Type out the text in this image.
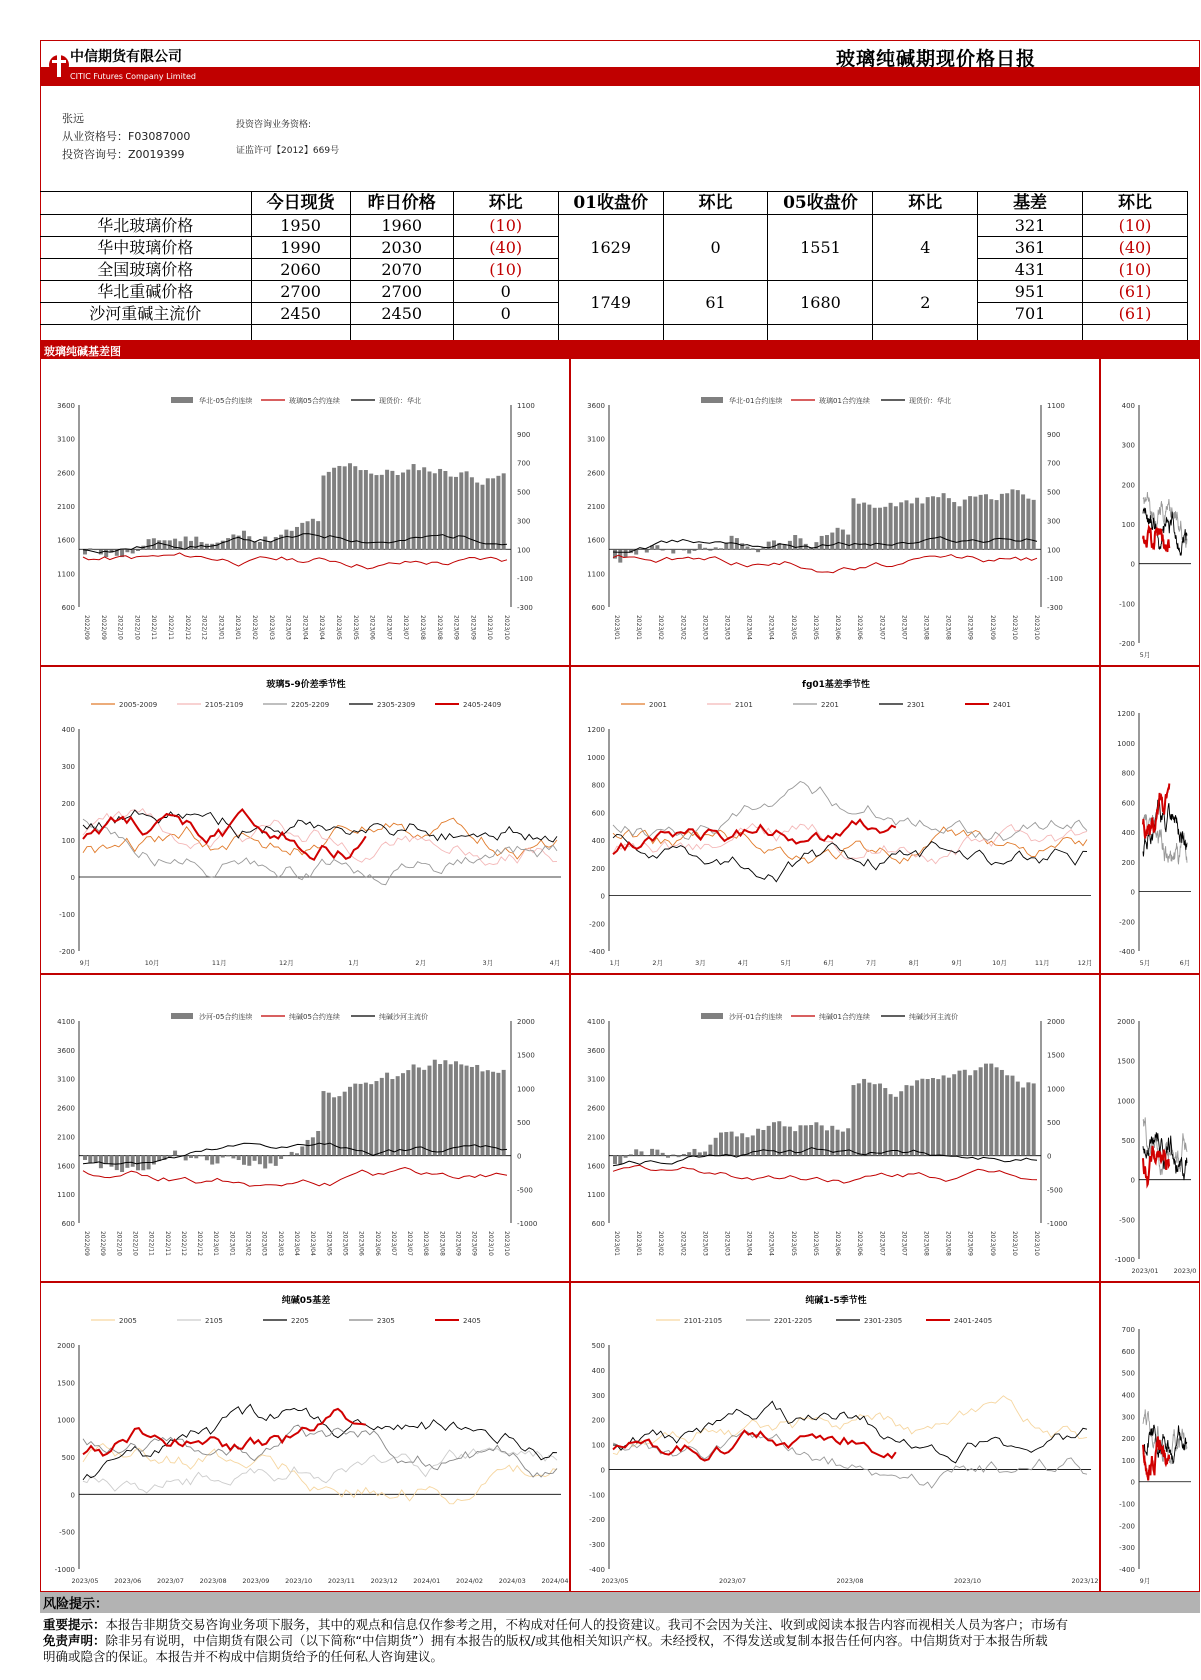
中信期货有限公司
CITIC Futures Company Limited
玻璃纯碱期现价格日报
张远
从业资格号：F03087000
投资咨询号：Z0019399
投资咨询业务资格:
证监许可【2012】669号
	今日现货	昨日价格	环比	01收盘价	环比	05收盘价	环比	基差	环比
华北玻璃价格	1950	1960	(10)	1629	0	1551	4	321	(10)
华中玻璃价格	1990	2030	(40)					361	(40)
全国玻璃价格	2060	2070	(10)					431	(10)
华北重碱价格	2700	2700	0	1749	61	1680	2	951	(61)
沙河重碱主流价	2450	2450	0					701	(61)

玻璃纯碱基差图
华北-05合约连续	玻璃05合约连续	现货价：华北
3600
3100
2600
2100
1600
1100
600
1100
900
700
500
300
100
-100
-300
2022/09 2022/09 2022/10 2022/10 2022/11 2022/11 2022/12 2022/12 2023/01 2023/01 2023/02 2023/03 2023/03 2023/04 2023/04 2023/05 2023/05 2023/06 2023/07 2023/07 2023/08 2023/08 2023/09 2023/09 2023/10 2023/10
华北-01合约连续	玻璃01合约连续	现货价：华北
3600
3100
2600
2100
1600
1100
600
1100
900
700
500
300
100
-100
-300
2023/01	2023/01	2023/02	2023/02	2023/03	2023/03	2023/04	2023/04	2023/05	2023/05	2023/06	2023/06	2023/07	2023/07	2023/08	2023/08	2023/09	2023/09	2023/10	2023/10
400
300
200
100
0
-100
-200
5月
玻璃5-9价差季节性
2005-2009	2105-2109	2205-2209	2305-2309	2405-2409
400
300
200
100
0
-100
-200
9月	10月	11月	12月	1月	2月	3月	4月
fg01基差季节性
2001	2101	2201	2301	2401
1200
1000
800
600
400
200
0
-200
-400
1月	2月	3月	4月	5月	6月	7月	8月	9月	10月	11月	12月
1200
1000
800
600
400
200
0
-200
-400
5月	6月
沙河-05合约连续	纯碱05合约连续	纯碱沙河主流价
4100
3600
3100
2600
2100
1600
1100
600
2000
1500
1000
500
0
-500
-1000
2022/09 2022/09 2022/10 2022/10 2022/11 2022/11 2022/12 2022/12 2023/01 2023/01 2023/02 2023/03 2023/03 2023/04 2023/04 2023/05 2023/05 2023/06 2023/06 2023/07 2023/07 2023/08 2023/08 2023/09 2023/09 2023/10 2023/10
沙河-01合约连续	纯碱01合约连续	纯碱沙河主流价
4100
3600
3100
2600
2100
1600
1100
600
2000
1500
1000
500
0
-500
-1000
2023/01	2023/01	2023/02	2023/02	2023/03	2023/03	2023/04	2023/04	2023/05	2023/05	2023/06	2023/06	2023/07	2023/07	2023/08	2023/08	2023/09	2023/09	2023/10	2023/10
2000
1500
1000
500
0
-500
-1000
2023/01 2023/0
纯碱05基差
2005	2105	2205	2305	2405
2000
1500
1000
500
0
-500
-1000
2023/05 2023/06 2023/07 2023/08 2023/09 2023/10 2023/11 2023/12 2024/01 2024/02 2024/03 2024/04
纯碱1-5季节性
2101-2105	2201-2205	2301-2305	2401-2405
500
400
300
200
100
0
-100
-200
-300
-400
2023/05	2023/07	2023/08	2023/10	2023/12
700
600
500
400
300
200
100
0
-100
-200
-300
-400
9月
风险提示：
重要提示：本报告非期货交易咨询业务项下服务，其中的观点和信息仅作参考之用，不构成对任何人的投资建议。我司不会因为关注、收到或阅读本报告内容而视相关人员为客户；市场有
免责声明：除非另有说明，中信期货有限公司（以下简称“中信期货”）拥有本报告的版权/或其他相关知识产权。未经授权，不得发送或复制本报告任何内容。中信期货对于本报告所载
明确或隐含的保证。本报告并不构成中信期货给予的任何私人咨询建议。
